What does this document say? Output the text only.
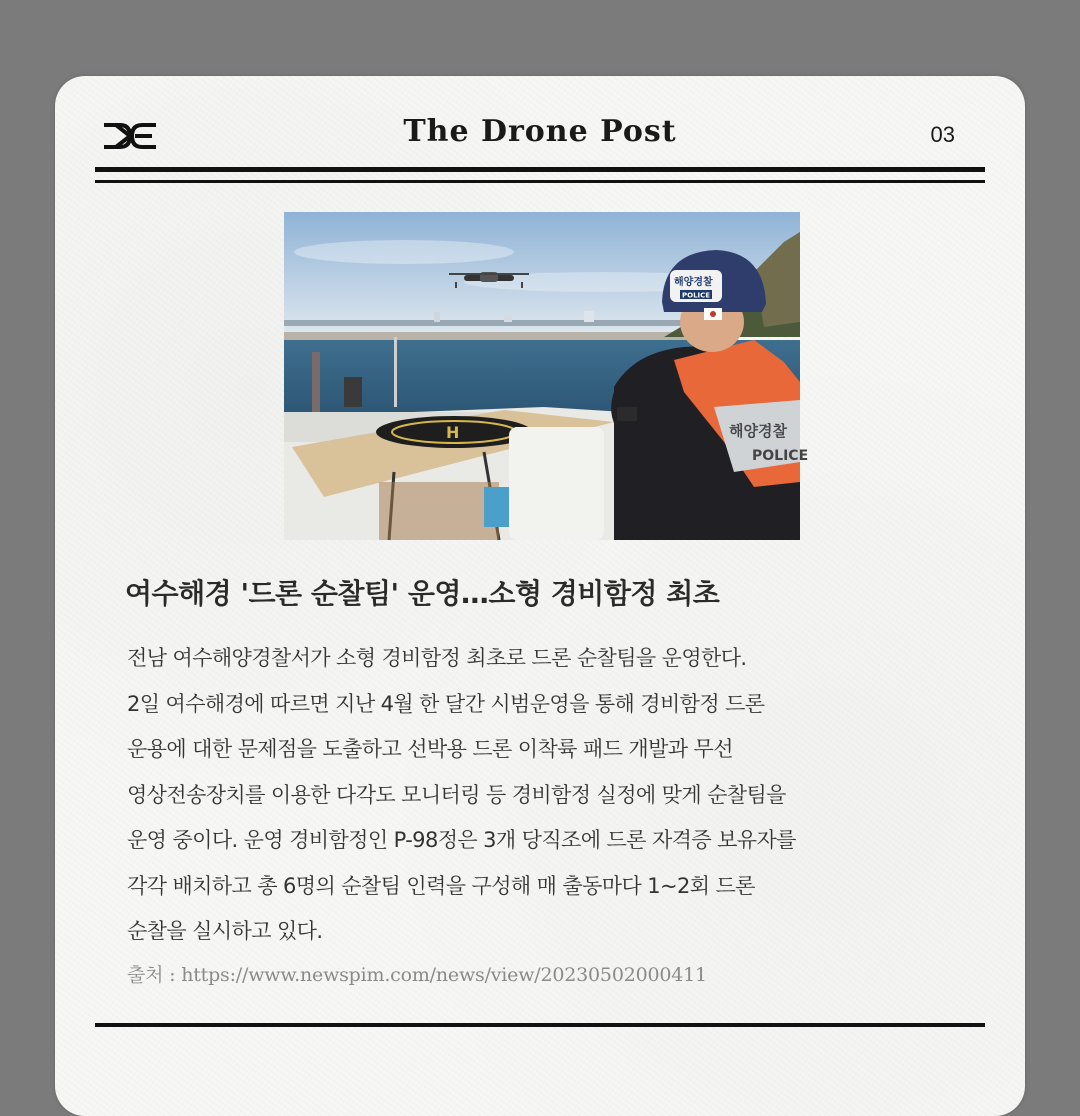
The Drone Post	03
H	해양경찰
POLICE
해양경찰
POLICE
여수해경 '드론 순찰팀' 운영…소형 경비함정 최초
전남 여수해양경찰서가 소형 경비함정 최초로 드론 순찰팀을 운영한다.
2일 여수해경에 따르면 지난 4월 한 달간 시범운영을 통해 경비함정 드론
운용에 대한 문제점을 도출하고 선박용 드론 이착륙 패드 개발과 무선
영상전송장치를 이용한 다각도 모니터링 등 경비함정 실정에 맞게 순찰팀을
운영 중이다. 운영 경비함정인 P-98정은 3개 당직조에 드론 자격증 보유자를
각각 배치하고 총 6명의 순찰팀 인력을 구성해 매 출동마다 1~2회 드론
순찰을 실시하고 있다.
출처 : https://www.newspim.com/news/view/20230502000411
